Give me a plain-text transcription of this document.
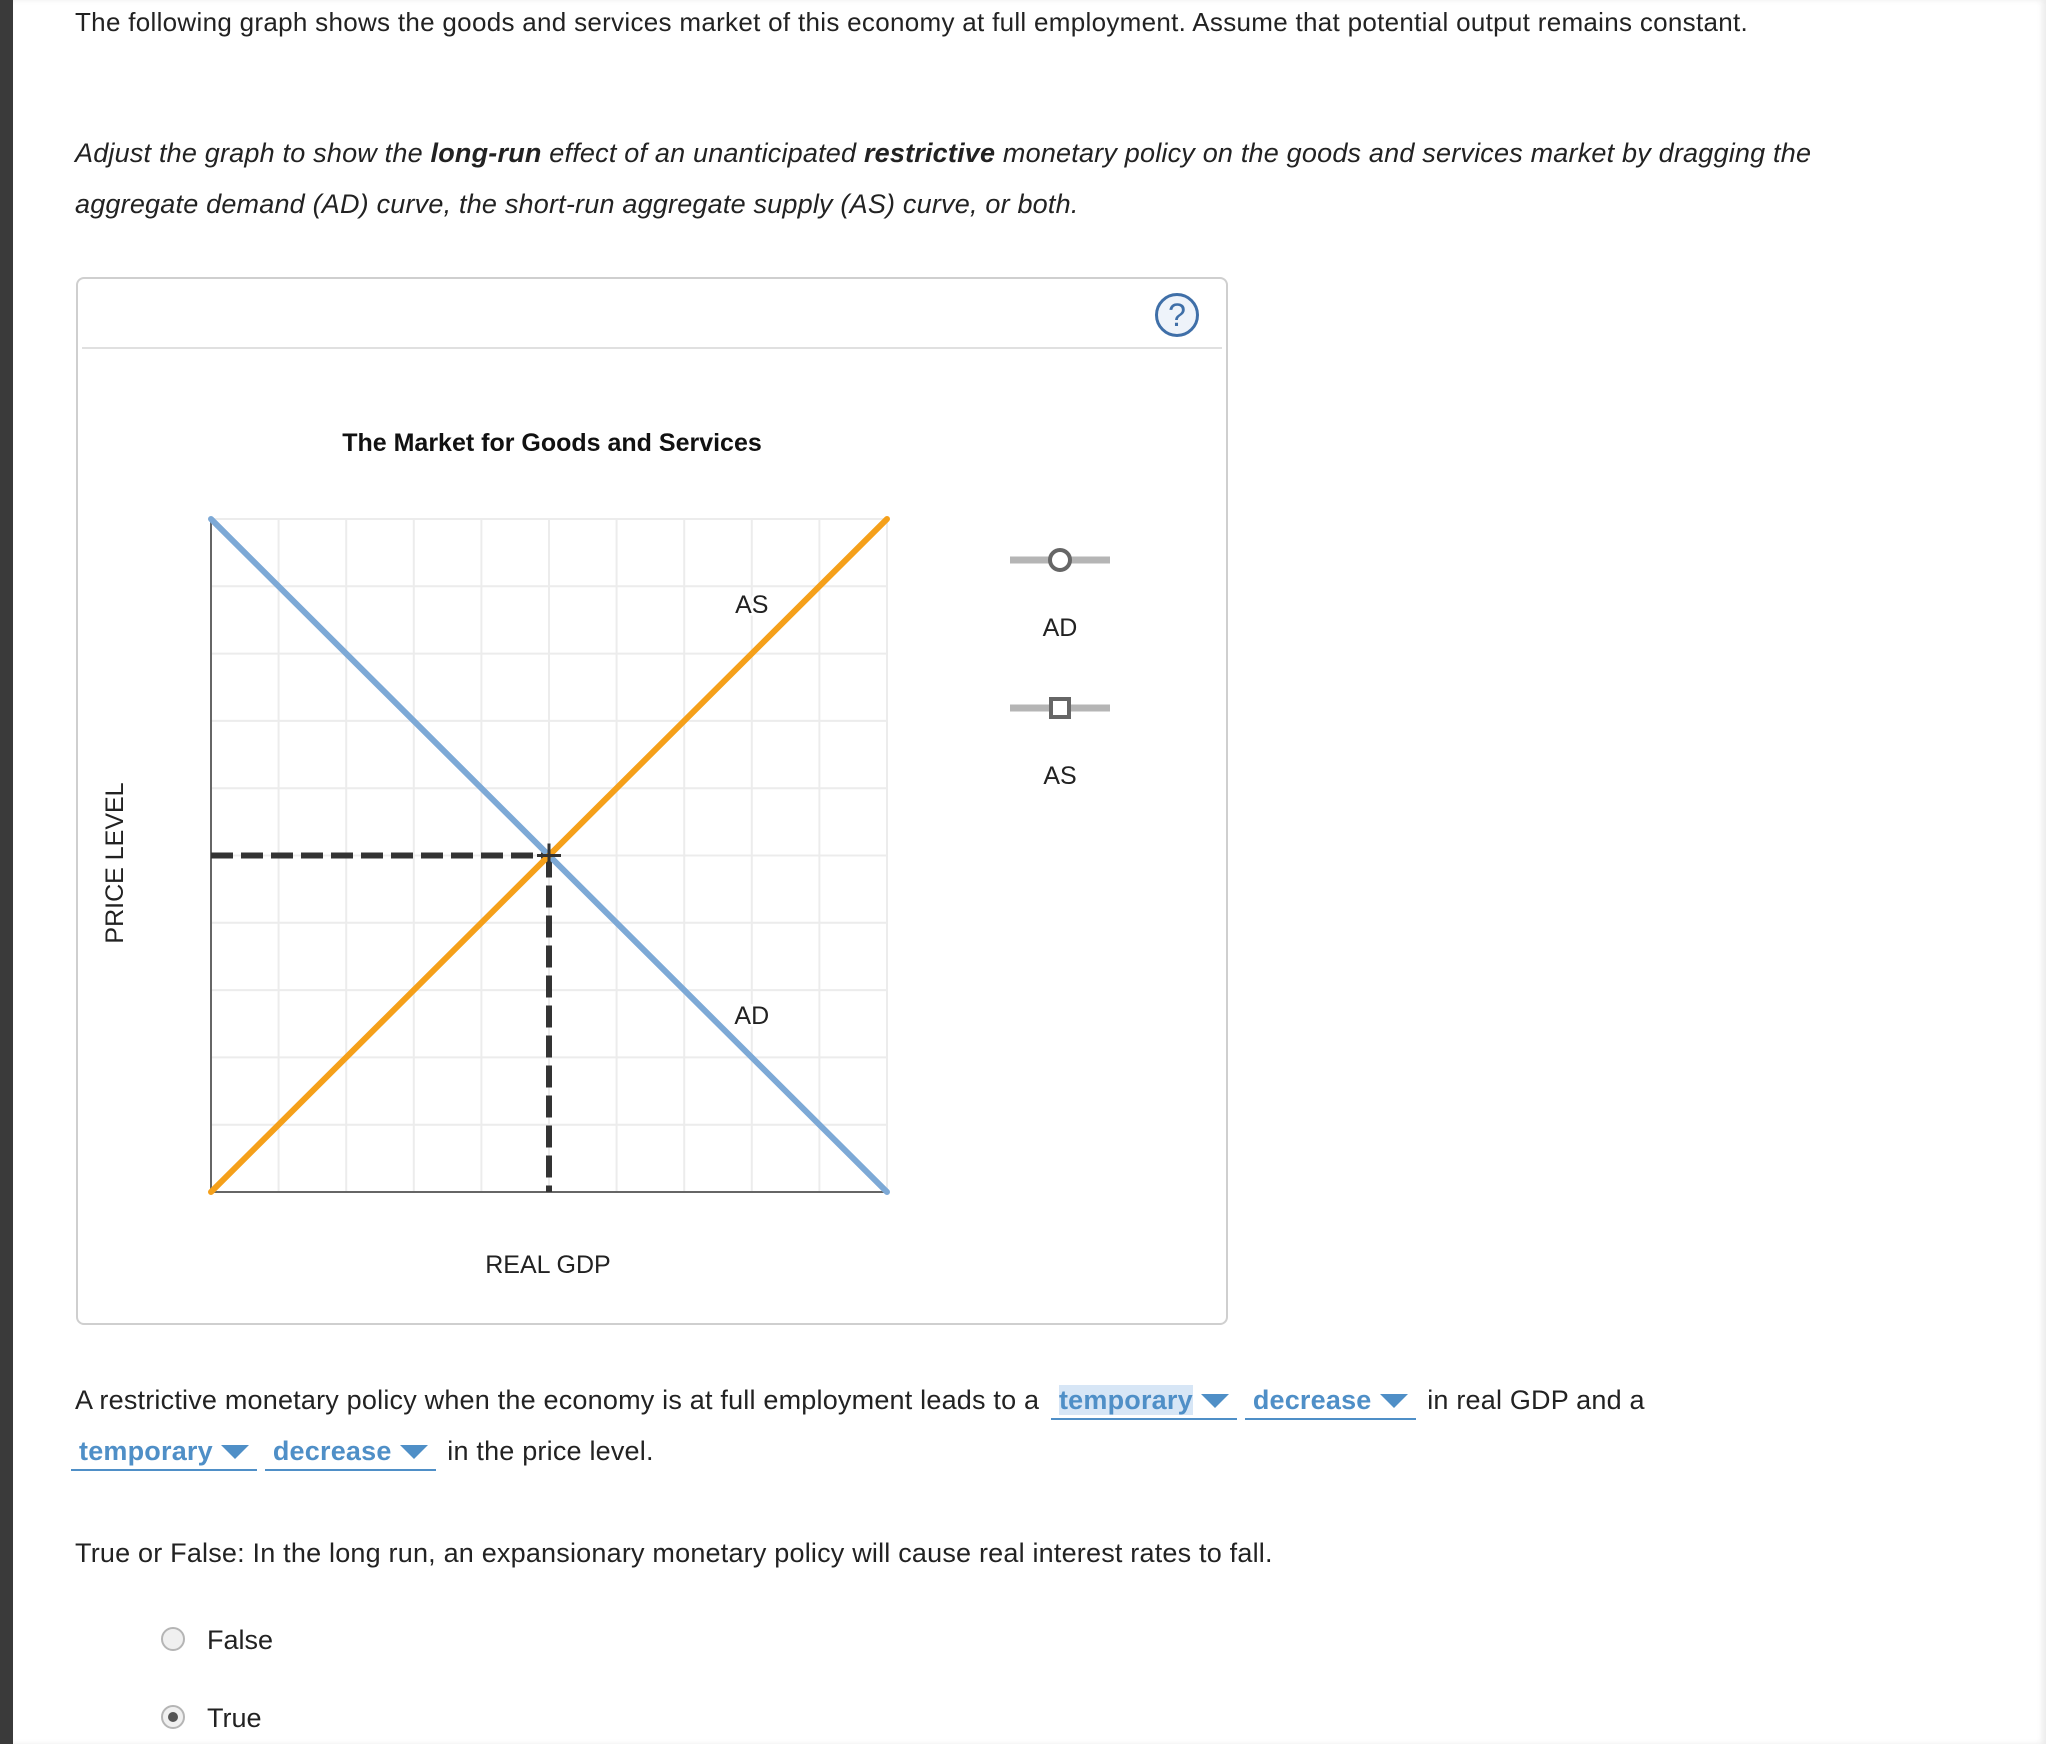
The following graph shows the goods and services market of this economy at full employment. Assume that potential output remains constant.
Adjust the graph to show the long-run effect of an unanticipated restrictive monetary policy on the goods and services market by dragging the
aggregate demand (AD) curve, the short-run aggregate supply (AS) curve, or both.
?
The Market for Goods and Services
AD
AS
AD
AS
REAL GDP
PRICE LEVEL
A restrictive monetary policy when the economy is at full employment leads to a temporary decrease in real GDP and a
temporary decrease in the price level.
True or False: In the long run, an expansionary monetary policy will cause real interest rates to fall.
False
True
